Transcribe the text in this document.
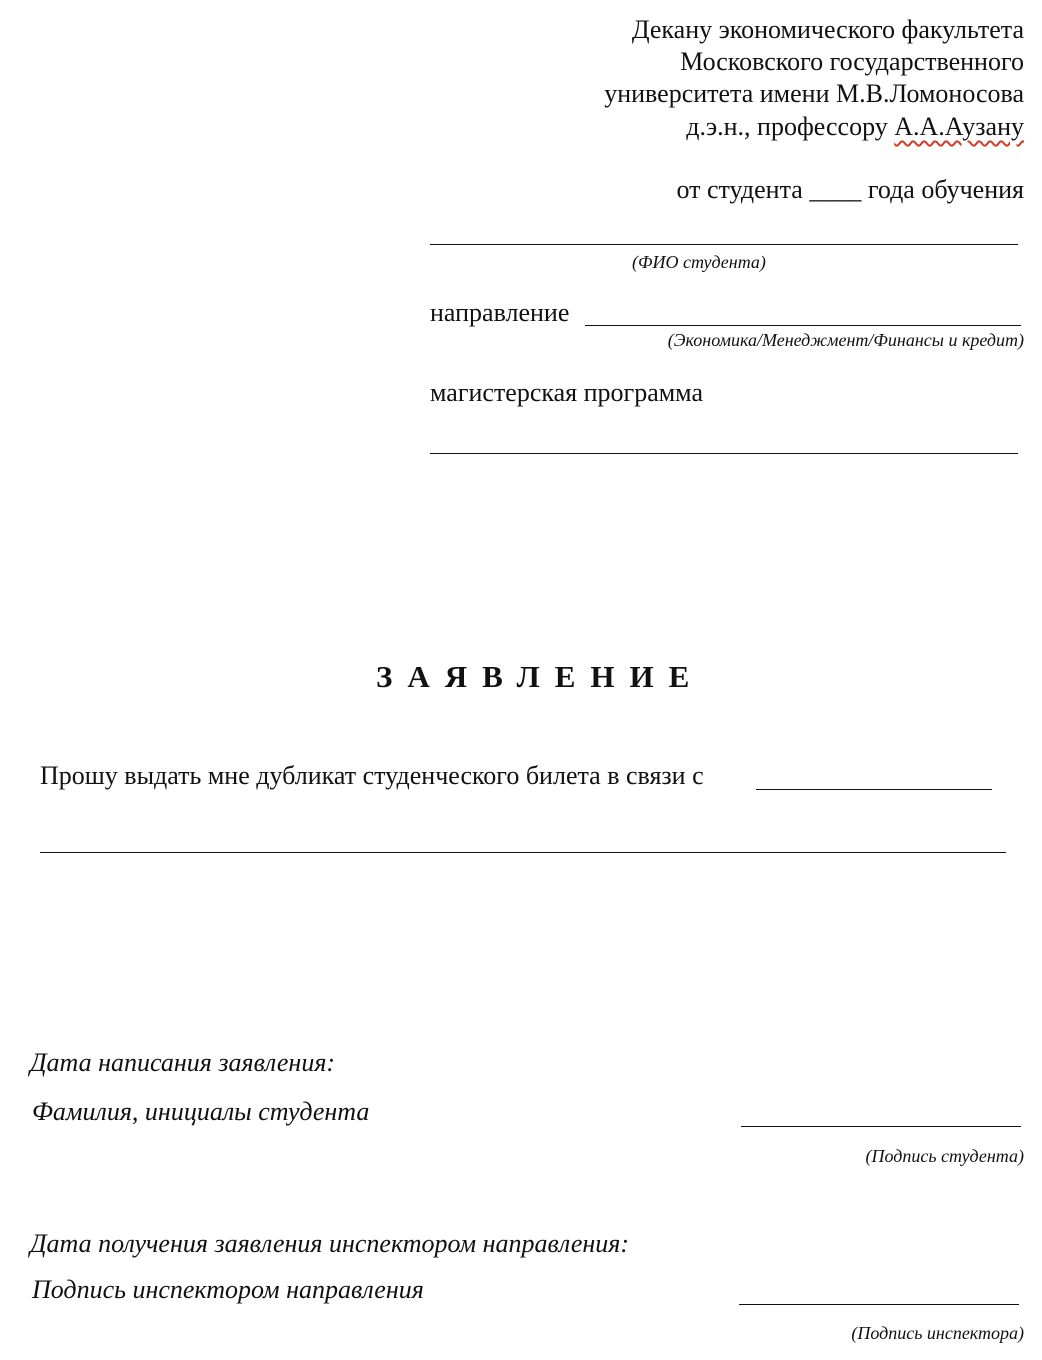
Декану экономического факультета
Московского государственного
университета имени М.В.Ломоносова
д.э.н., профессору А.А.Аузану
от студента ____ года обучения
(ФИО студента)
направление
(Экономика/Менеджмент/Финансы и кредит)
магистерская программа
ЗАЯВЛЕНИЕ
Прошу выдать мне дубликат студенческого билета в связи с
Дата написания заявления:
Фамилия, инициалы студента
(Подпись студента)
Дата получения заявления инспектором направления:
Подпись инспектором направления
(Подпись инспектора)
